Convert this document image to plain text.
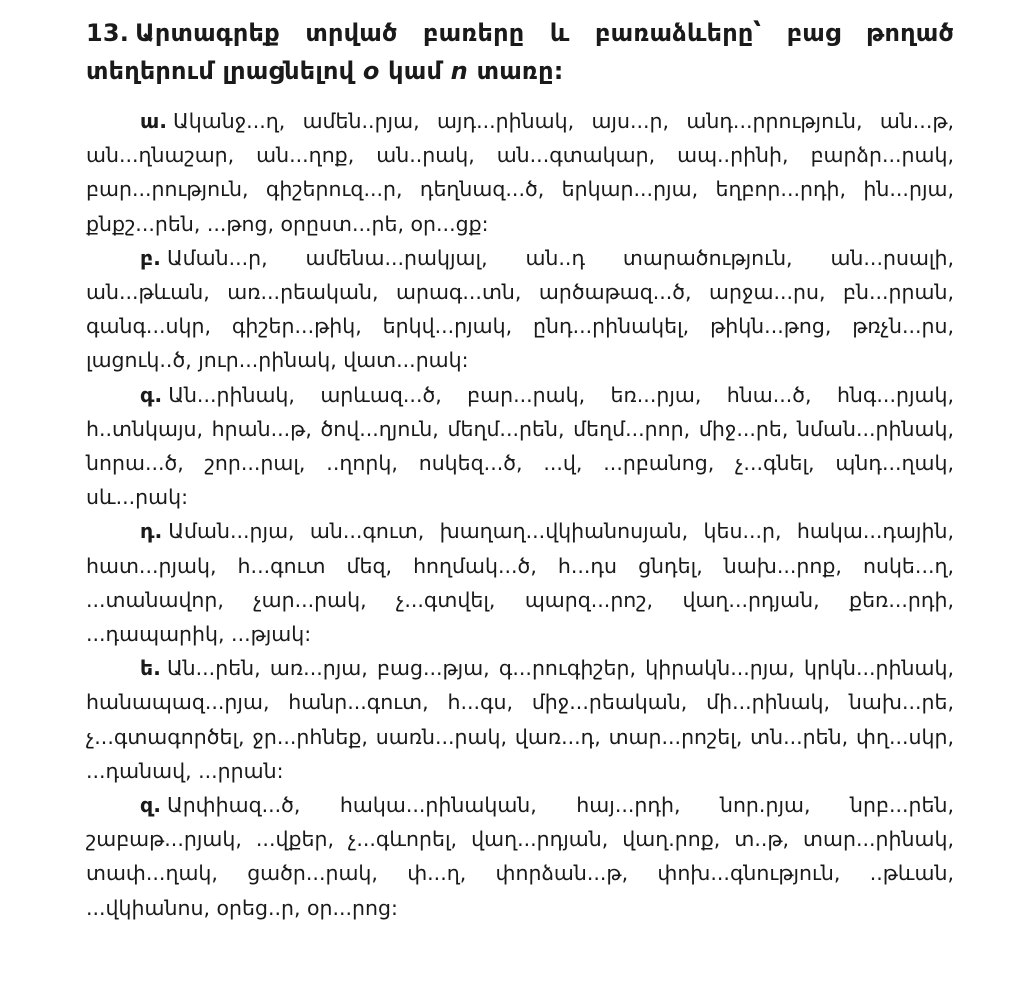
13. Արտագրեք տրված բառերը և բառաձևերը՝ բաց թողած տեղերում լրացնելով օ կամ ո տառը:

ա. Ականջ...ղ, ամեն..րյա, այդ...րինակ, այս...ր, անդ...րրություն, ան...թ, ան...ղնաշար, ան...ղոք, ան..րակ, ան...գտակար, ապ..րինի, բարձր...րակ, բար...րություն, գիշերուզ...ր, դեղնազ...ծ, երկար...րյա, եղբոր...րդի, ին...րյա, քնքշ...րեն, ...թոց, օրըստ...րե, օր...ցք:

բ. Աման...ր, ամենա...րակյալ, ան..դ տարածություն, ան...րսալի, ան...թևան, առ...րեական, արագ...տն, արծաթազ...ծ, արջա...րս, բն...րրան, գանգ...սկր, գիշեր...թիկ, երկվ...րյակ, ընդ...րինակել, թիկն...թոց, թռչն...րս, լացուկ..ծ, յուր...րինակ, վատ...րակ:

գ. Ան...րինակ, արևազ...ծ, բար...րակ, եռ...րյա, հնա...ծ, հնգ...րյակ, հ..տնկայս, հրան...թ, ծով...ղյուն, մեղմ...րեն, մեղմ...րոր, միջ...րե, նման...րինակ, նորա...ծ, շոր...րալ, ..ղորկ, ոսկեզ...ծ, ...վ, ...րբանոց, չ...գնել, պնդ...ղակ, սև...րակ:

դ. Աման...րյա, ան...գուտ, խաղաղ...վկիանոսյան, կես...ր, հակա...դային, հատ...րյակ, հ...գուտ մեզ, հողմակ...ծ, հ...դս ցնդել, նախ...րոք, ոսկե...ղ, ...տանավոր, չար...րակ, չ...գտվել, պարզ...րոշ, վաղ...րդյան, քեռ...րդի, ...դապարիկ, ...թյակ:

ե. Ան...րեն, առ...րյա, բաց...թյա, գ...րուգիշեր, կիրակն...րյա, կրկն...րինակ, հանապազ...րյա, հանր...գուտ, հ...գս, միջ...րեական, մի...րինակ, նախ...րե, չ...գտագործել, ջր...րհնեք, սառն...րակ, վառ...դ, տար...րոշել, տն...րեն, փղ...սկր, ...դանավ, ...րրան:

զ. Արփիազ...ծ, հակա...րինական, հայ...րդի, նոր.րյա, նրբ...րեն, շաբաթ...րյակ, ...վքեր, չ...գևորել, վաղ...րդյան, վաղ.րոք, տ..թ, տար...րինակ, տափ...ղակ, ցածր...րակ, փ...ղ, փորձան...թ, փոխ...գնություն, ..թևան, ...վկիանոս, օրեց..ր, օր...րոց:
